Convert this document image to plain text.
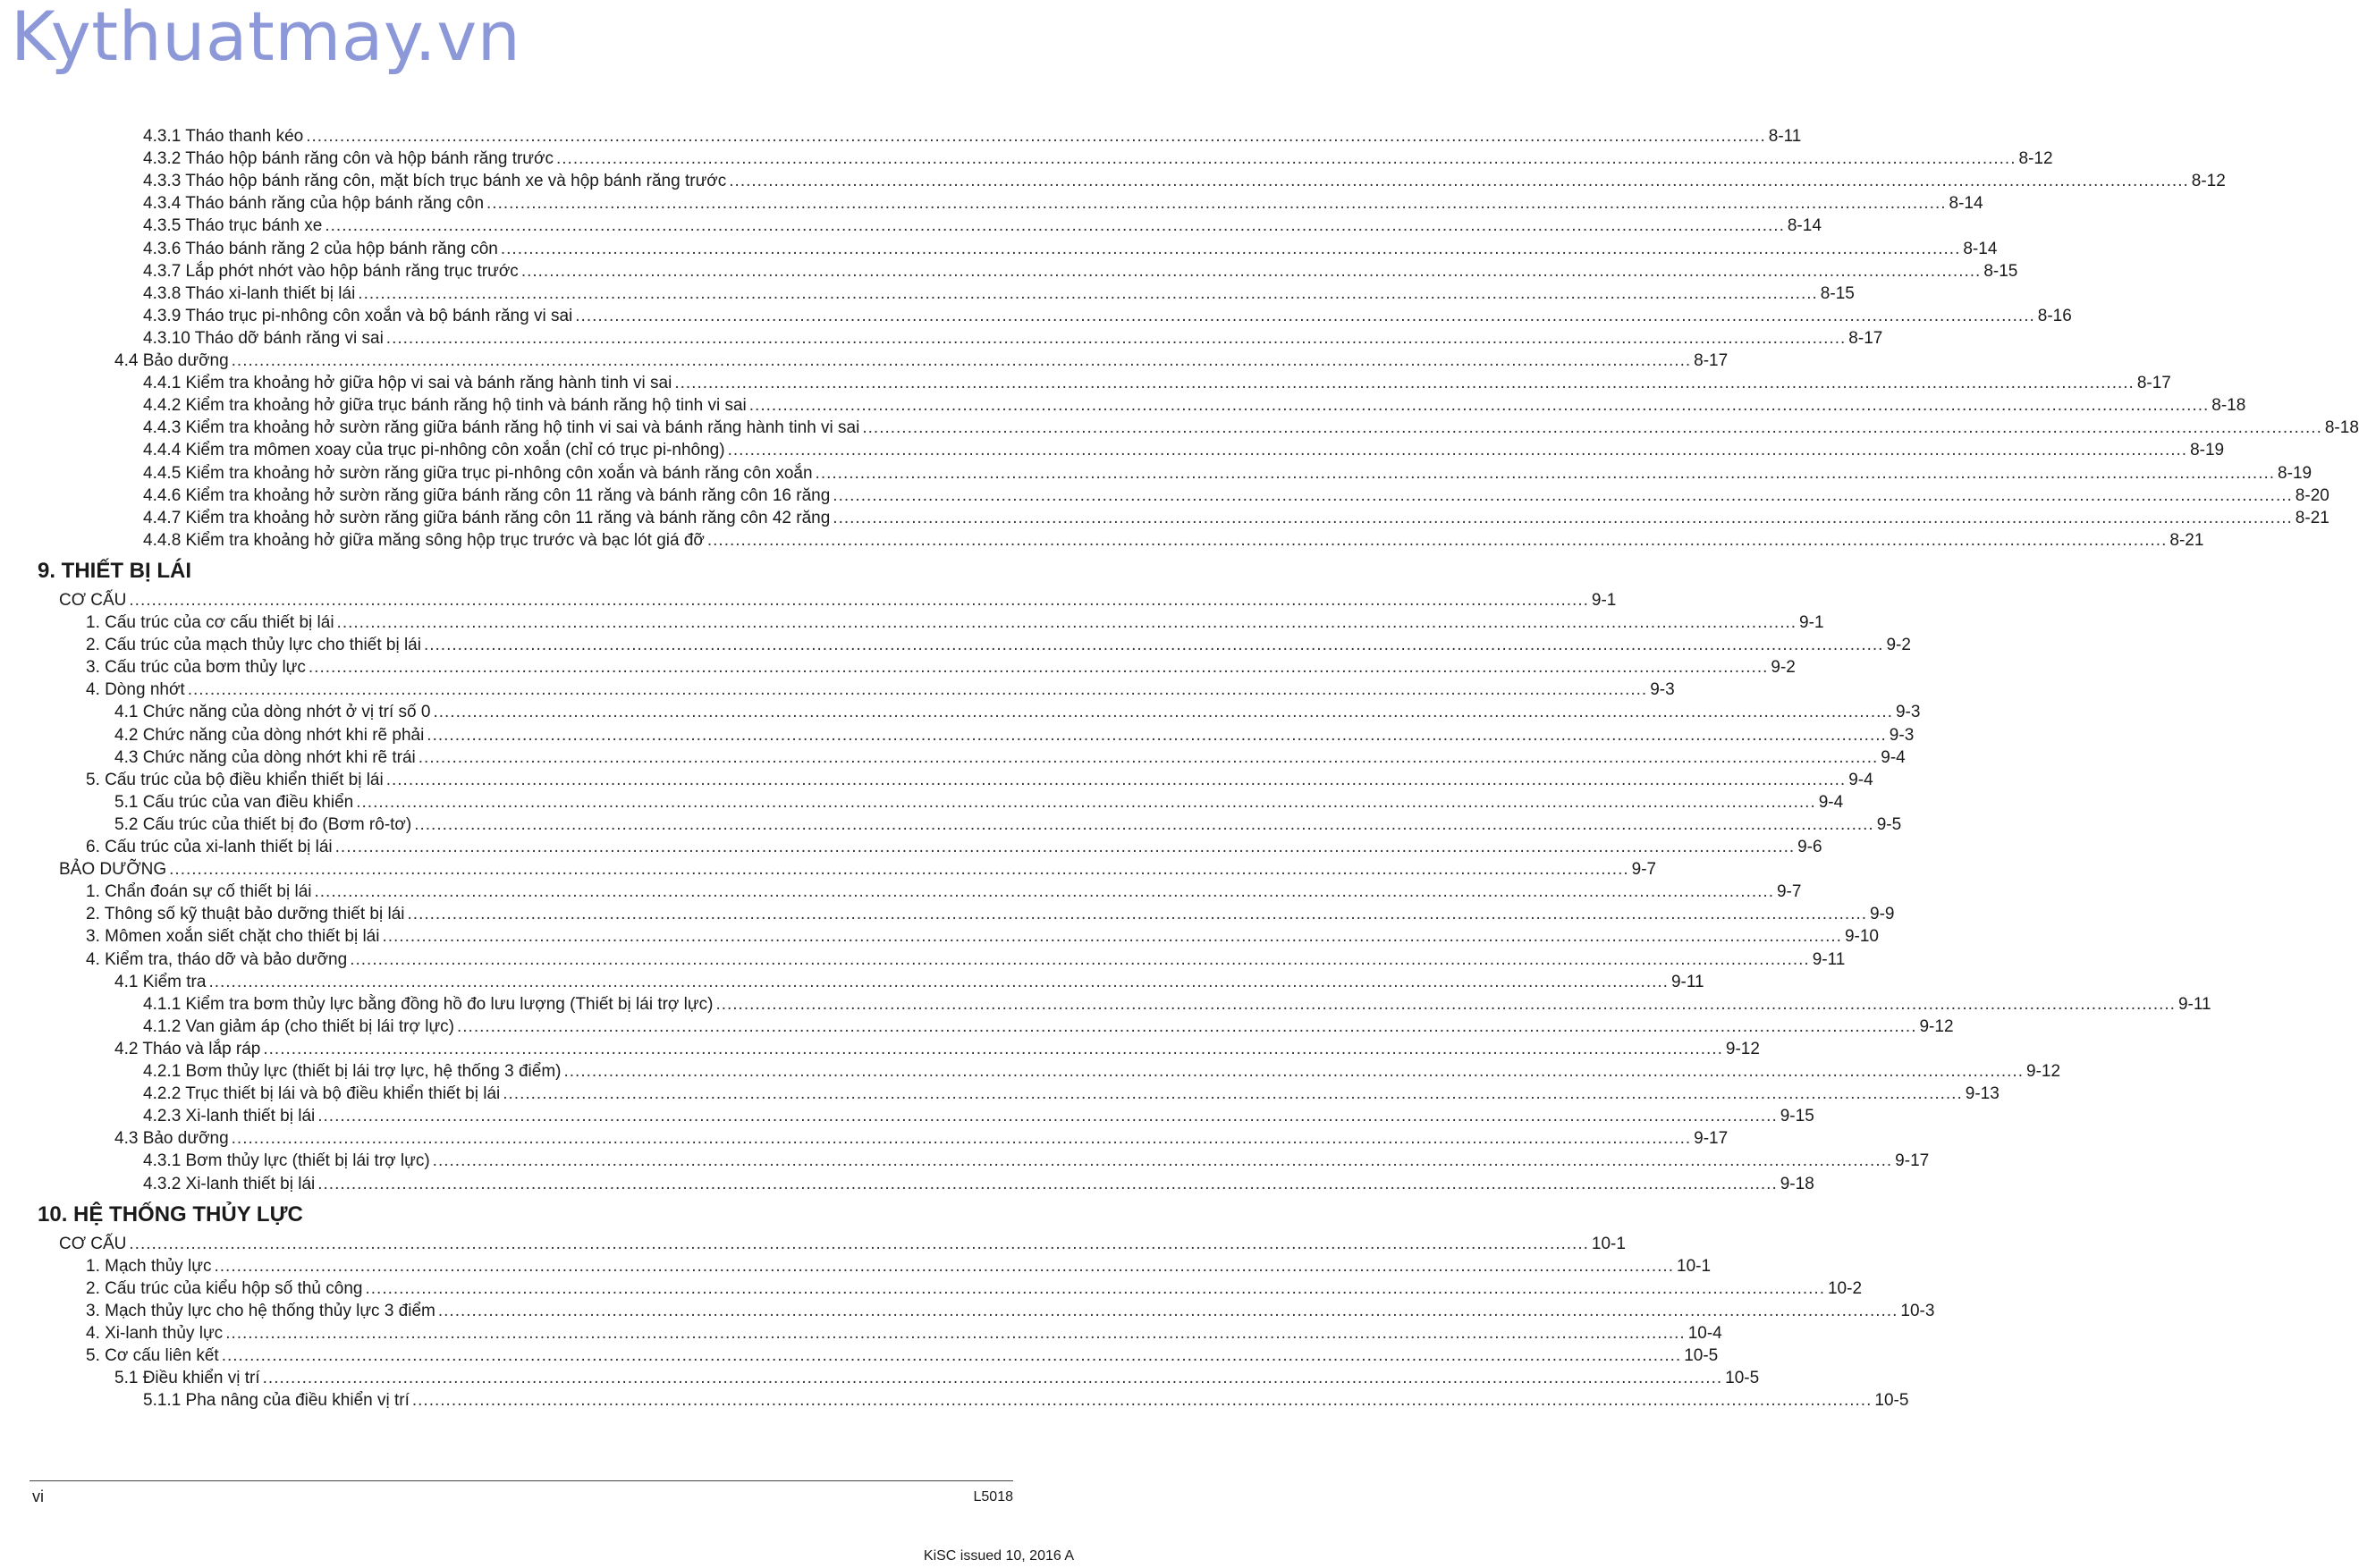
Kythuatmay.vn
4.3.1 Tháo thanh kéo .................................................................................................................................................................................................................................................................... 8-11
4.3.2 Tháo hộp bánh răng côn và hộp bánh răng trước .................................................................................................................................................................................................................................................................... 8-12
4.3.3 Tháo hộp bánh răng côn, mặt bích trục bánh xe và hộp bánh răng trước .................................................................................................................................................................................................................................................................... 8-12
4.3.4 Tháo bánh răng của hộp bánh răng côn .................................................................................................................................................................................................................................................................... 8-14
4.3.5 Tháo trục bánh xe .................................................................................................................................................................................................................................................................... 8-14
4.3.6 Tháo bánh răng 2 của hộp bánh răng côn .................................................................................................................................................................................................................................................................... 8-14
4.3.7 Lắp phớt nhớt vào hộp bánh răng trục trước .................................................................................................................................................................................................................................................................... 8-15
4.3.8 Tháo xi-lanh thiết bị lái .................................................................................................................................................................................................................................................................... 8-15
4.3.9 Tháo trục pi-nhông côn xoắn và bộ bánh răng vi sai .................................................................................................................................................................................................................................................................... 8-16
4.3.10 Tháo dỡ bánh răng vi sai .................................................................................................................................................................................................................................................................... 8-17
4.4 Bảo dưỡng .................................................................................................................................................................................................................................................................... 8-17
4.4.1 Kiểm tra khoảng hở giữa hộp vi sai và bánh răng hành tinh vi sai .................................................................................................................................................................................................................................................................... 8-17
4.4.2 Kiểm tra khoảng hở giữa trục bánh răng hộ tinh và bánh răng hộ tinh vi sai .................................................................................................................................................................................................................................................................... 8-18
4.4.3 Kiểm tra khoảng hở sườn răng giữa bánh răng hộ tinh vi sai và bánh răng hành tinh vi sai .................................................................................................................................................................................................................................................................... 8-18
4.4.4 Kiểm tra mômen xoay của trục pi-nhông côn xoắn (chỉ có trục pi-nhông) .................................................................................................................................................................................................................................................................... 8-19
4.4.5 Kiểm tra khoảng hở sườn răng giữa trục pi-nhông côn xoắn và bánh răng côn xoắn .................................................................................................................................................................................................................................................................... 8-19
4.4.6 Kiểm tra khoảng hở sườn răng giữa bánh răng côn 11 răng và bánh răng côn 16 răng .................................................................................................................................................................................................................................................................... 8-20
4.4.7 Kiểm tra khoảng hở sườn răng giữa bánh răng côn 11 răng và bánh răng côn 42 răng .................................................................................................................................................................................................................................................................... 8-21
4.4.8 Kiểm tra khoảng hở giữa măng sông hộp trục trước và bạc lót giá đỡ .................................................................................................................................................................................................................................................................... 8-21
9. THIẾT BỊ LÁI
CƠ CẤU .................................................................................................................................................................................................................................................................... 9-1
1. Cấu trúc của cơ cấu thiết bị lái .................................................................................................................................................................................................................................................................... 9-1
2. Cấu trúc của mạch thủy lực cho thiết bị lái .................................................................................................................................................................................................................................................................... 9-2
3. Cấu trúc của bơm thủy lực .................................................................................................................................................................................................................................................................... 9-2
4. Dòng nhớt .................................................................................................................................................................................................................................................................... 9-3
4.1 Chức năng của dòng nhớt ở vị trí số 0 .................................................................................................................................................................................................................................................................... 9-3
4.2 Chức năng của dòng nhớt khi rẽ phải .................................................................................................................................................................................................................................................................... 9-3
4.3 Chức năng của dòng nhớt khi rẽ trái .................................................................................................................................................................................................................................................................... 9-4
5. Cấu trúc của bộ điều khiển thiết bị lái .................................................................................................................................................................................................................................................................... 9-4
5.1 Cấu trúc của van điều khiển .................................................................................................................................................................................................................................................................... 9-4
5.2 Cấu trúc của thiết bị đo (Bơm rô-tơ) .................................................................................................................................................................................................................................................................... 9-5
6. Cấu trúc của xi-lanh thiết bị lái .................................................................................................................................................................................................................................................................... 9-6
BẢO DƯỠNG .................................................................................................................................................................................................................................................................... 9-7
1. Chẩn đoán sự cố thiết bị lái .................................................................................................................................................................................................................................................................... 9-7
2. Thông số kỹ thuật bảo dưỡng thiết bị lái .................................................................................................................................................................................................................................................................... 9-9
3. Mômen xoắn siết chặt cho thiết bị lái .................................................................................................................................................................................................................................................................... 9-10
4. Kiểm tra, tháo dỡ và bảo dưỡng .................................................................................................................................................................................................................................................................... 9-11
4.1 Kiểm tra .................................................................................................................................................................................................................................................................... 9-11
4.1.1 Kiểm tra bơm thủy lực bằng đồng hồ đo lưu lượng (Thiết bị lái trợ lực) .................................................................................................................................................................................................................................................................... 9-11
4.1.2 Van giảm áp (cho thiết bị lái trợ lực) .................................................................................................................................................................................................................................................................... 9-12
4.2 Tháo và lắp ráp .................................................................................................................................................................................................................................................................... 9-12
4.2.1 Bơm thủy lực (thiết bị lái trợ lực, hệ thống 3 điểm) .................................................................................................................................................................................................................................................................... 9-12
4.2.2 Trục thiết bị lái và bộ điều khiển thiết bị lái .................................................................................................................................................................................................................................................................... 9-13
4.2.3 Xi-lanh thiết bị lái .................................................................................................................................................................................................................................................................... 9-15
4.3 Bảo dưỡng .................................................................................................................................................................................................................................................................... 9-17
4.3.1 Bơm thủy lực (thiết bị lái trợ lực) .................................................................................................................................................................................................................................................................... 9-17
4.3.2 Xi-lanh thiết bị lái .................................................................................................................................................................................................................................................................... 9-18
10. HỆ THỐNG THỦY LỰC
CƠ CẤU .................................................................................................................................................................................................................................................................... 10-1
1. Mạch thủy lực .................................................................................................................................................................................................................................................................... 10-1
2. Cấu trúc của kiểu hộp số thủ công .................................................................................................................................................................................................................................................................... 10-2
3. Mạch thủy lực cho hệ thống thủy lực 3 điểm .................................................................................................................................................................................................................................................................... 10-3
4. Xi-lanh thủy lực .................................................................................................................................................................................................................................................................... 10-4
5. Cơ cấu liên kết .................................................................................................................................................................................................................................................................... 10-5
5.1 Điều khiển vị trí .................................................................................................................................................................................................................................................................... 10-5
5.1.1 Pha nâng của điều khiển vị trí .................................................................................................................................................................................................................................................................... 10-5
vi	L5018
KiSC issued 10, 2016 A
